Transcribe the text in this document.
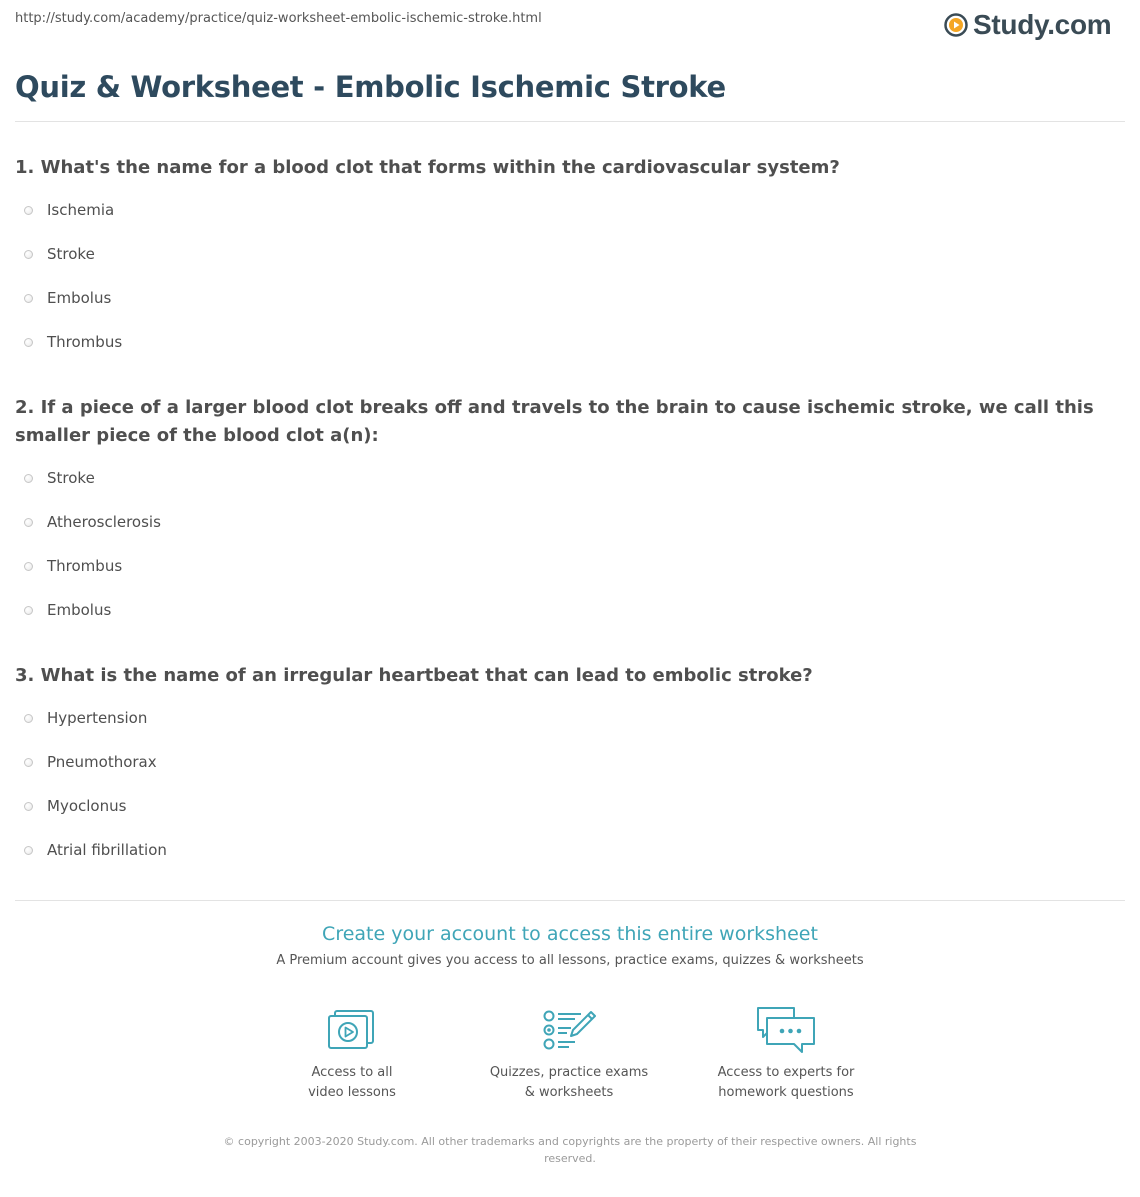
http://study.com/academy/practice/quiz-worksheet-embolic-ischemic-stroke.html	Study.com
Quiz & Worksheet - Embolic Ischemic Stroke

1. What's the name for a blood clot that forms within the cardiovascular system?

Ischemia
Stroke
Embolus
Thrombus

2. If a piece of a larger blood clot breaks off and travels to the brain to cause ischemic stroke, we call this smaller piece of the blood clot a(n):

Stroke
Atherosclerosis
Thrombus
Embolus

3. What is the name of an irregular heartbeat that can lead to embolic stroke?

Hypertension
Pneumothorax
Myoclonus
Atrial fibrillation
Create your account to access this entire worksheet
A Premium account gives you access to all lessons, practice exams, quizzes & worksheets
Access to all
video lessons
Quizzes, practice exams
& worksheets
Access to experts for
homework questions
© copyright 2003-2020 Study.com. All other trademarks and copyrights are the property of their respective owners. All rights reserved.
